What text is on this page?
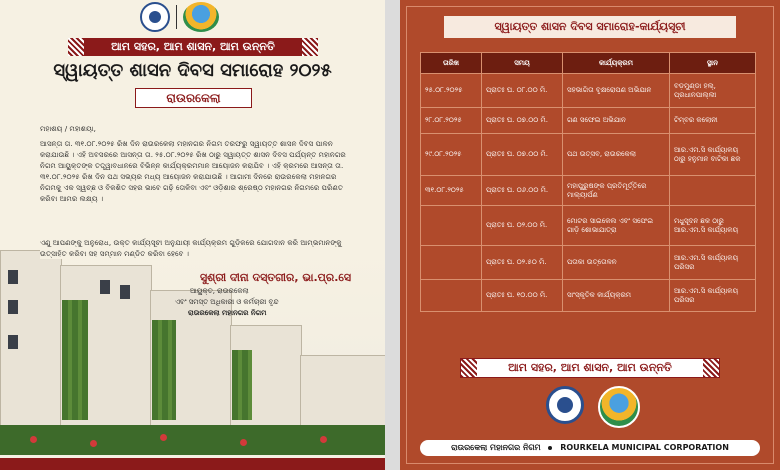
ଆମ ସହର, ଆମ ଶାସନ, ଆମ ଉନ୍ନତି
ସ୍ୱାୟତ୍ତ ଶାସନ ଦିବସ ସମାରୋହ ୨୦୨୫
ରାଉରକେଲା
ମହାଶୟ / ମହାଶୟା,
ଆସନ୍ତା ତା. ୩୧.୦୮.୨୦୨୫ ରିଖ ଦିନ ରାଉରକେଲା ମହାନଗର ନିଗମ ତରଫରୁ ସ୍ୱାୟତ୍ତ ଶାସନ ଦିବସ ପାଳନ କରାଯାଉଛି । ଏହି ଅବସରରେ ଆସନ୍ତା ତା. ୨୫.୦୮.୨୦୨୫ ରିଖ ଠାରୁ ସ୍ୱାୟତ୍ତ ଶାସନ ଦିବସ ପର୍ଯ୍ୟନ୍ତ ମହାନଗର ନିଗମ ଆୟୁକ୍ତଙ୍କ ତତ୍ତ୍ୱାବଧାନରେ ବିଭିନ୍ନ କାର୍ଯ୍ୟକ୍ରମମାନ ଆୟୋଜନ କରାଯିବ । ଏହି କ୍ରମରେ ଆସନ୍ତା ତା. ୩୧.୦୮.୨୦୨୫ ରିଖ ଦିନ ପଥ ସଭ୍ୟର ମଧ୍ୟ ଆୟୋଜନ କରାଯାଉଛି । ଆଗାମୀ ଦିନରେ ରାଉରକେଲା ମହାନଗର ନିଗମକୁ ଏକ ସ୍ୱଚ୍ଛ ଓ ବିକଶିତ ସହର ଭାବେ ଗଢ଼ି ତୋଳିବା ଏବଂ ଓଡ଼ିଶାର ଶ୍ରେଷ୍ଠ ମହାନଗର ନିଗମରେ ପରିଣତ କରିବା ଆମର ଲକ୍ଷ୍ୟ ।
ଏଣୁ ଆପଣଙ୍କୁ ଅନୁରୋଧ, ଉକ୍ତ କାର୍ଯ୍ୟସୂଚୀ ଅନୁଯାୟୀ କାର୍ଯ୍ୟକ୍ରମ ଗୁଡ଼ିକରେ ଯୋଗଦାନ କରି ଆମ୍ଭମାନଙ୍କୁ ଉତ୍ସାହିତ କରିବା ସହ ସମ୍ମାନ ମଣ୍ଡିତ କରିବା ହେବେ ।
ସୁଶ୍ରୀ ଦୀନା ଦସ୍ତଗୀର, ଭା.ପ୍ର.ସେ
ଆୟୁକ୍ତ, ରାଉରକେଲା
ଏବଂ ସମସ୍ତ ଅଧିକାରୀ ଓ କର୍ମଚାରୀ ବୃନ୍ଦ
ରାଉରକେଲା ମହାନଗର ନିଗମ
ସ୍ୱାୟତ୍ତ ଶାସନ ଦିବସ ସମାରୋହ-କାର୍ଯ୍ୟସୂଚୀ
ତାରିଖ	ସମୟ	କାର୍ଯ୍ୟକ୍ରମ	ସ୍ଥାନ
୨୫.୦୮.୨୦୨୫	ପ୍ରାତଃ ଘ. ୦୮.୦୦ ମି.	ସହଭାଗିତା ବୃକ୍ଷରୋପଣ ଅଭିଯାନ	ବଡ଼ମୁଣ୍ଡା ହଲ୍, ପ୍ରଧାନପାଲ୍ଲୀ
୨୮.୦୮.୨୦୨୫	ପ୍ରାତଃ ଘ. ୦୭.୦୦ ମି.	ଗଣ ସଫେଇ ଅଭିଯାନ	ଟିମ୍ବର କଲୋନୀ
୨୯.୦୮.୨୦୨୫	ପ୍ରାତଃ ଘ. ୦୭.୦୦ ମି.	ପଥ ଉତ୍ସବ, ରାଉରକେଲା	ଆର.ଏମ.ସି କାର୍ଯ୍ୟାଳୟ ଠାରୁ ହନୁମାନ ବାଟିକା ଛକ
୩୧.୦୮.୨୦୨୫	ପ୍ରାତଃ ଘ. ୦୬.୦୦ ମି.	ମହାପୁରୁଷଙ୍କ ପ୍ରତିମୂର୍ତ୍ତିରେ ମାଲ୍ୟାର୍ପଣ	
	ପ୍ରାତଃ ଘ. ୦୨.୦୦ ମି.	ମୋଟର ସାଇକେଲ ଏବଂ ସଫେଇ ଗାଡ଼ି ଶୋଭାଯାତ୍ରା	ମଧୁସୂଦନ ଛକ ଠାରୁ ଆର.ଏମ.ସି କାର୍ଯ୍ୟାଳୟ
	ପ୍ରାତଃ ଘ. ୦୨.୫୦ ମି.	ପତାକା ଉତ୍ତୋଳନ	ଆର.ଏମ.ସି କାର୍ଯ୍ୟାଳୟ ପରିସର
	ପ୍ରାତଃ ଘ. ୧୦.୦୦ ମି.	ସାଂସ୍କୃତିକ କାର୍ଯ୍ୟକ୍ରମ	ଆର.ଏମ.ସି କାର୍ଯ୍ୟାଳୟ ପରିସର
ଆମ ସହର, ଆମ ଶାସନ, ଆମ ଉନ୍ନତି
ରାଉରକେଲା ମହାନଗର ନିଗମ ROURKELA MUNICIPAL CORPORATION
